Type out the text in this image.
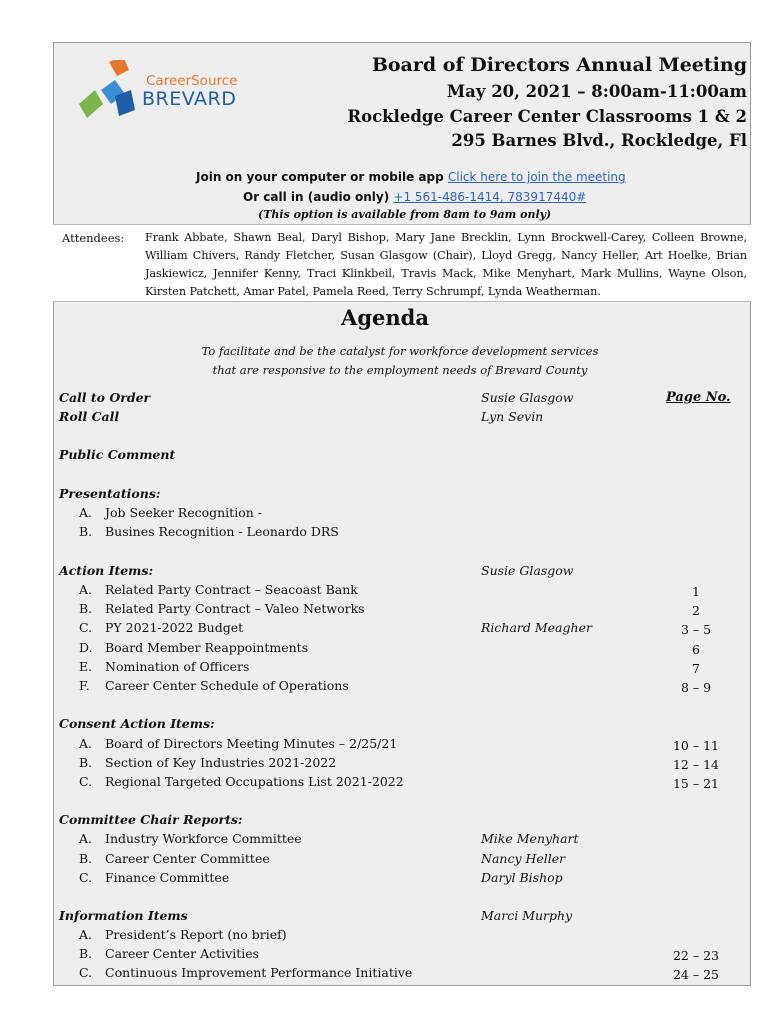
CareerSource
BREVARD
Board of Directors Annual Meeting
May 20, 2021 – 8:00am-11:00am
Rockledge Career Center Classrooms 1 & 2
295 Barnes Blvd., Rockledge, Fl
Join on your computer or mobile app Click here to join the meeting
Or call in (audio only) +1 561-486-1414, 783917440#
(This option is available from 8am to 9am only)
Attendees: Frank Abbate, Shawn Beal, Daryl Bishop, Mary Jane Brecklin, Lynn Brockwell-Carey, Colleen Browne, William Chivers, Randy Fletcher, Susan Glasgow (Chair), Lloyd Gregg, Nancy Heller, Art Hoelke, Brian Jaskiewicz, Jennifer Kenny, Traci Klinkbeil, Travis Mack, Mike Menyhart, Mark Mullins, Wayne Olson, Kirsten Patchett, Amar Patel, Pamela Reed, Terry Schrumpf, Lynda Weatherman.
Agenda
To facilitate and be the catalyst for workforce development services
that are responsive to the employment needs of Brevard County
Call to Order	Susie Glasgow	Page No.
Roll Call	Lyn Sevin
Public Comment
Presentations:
A. Job Seeker Recognition -
B. Busines Recognition - Leonardo DRS
Action Items:	Susie Glasgow
A. Related Party Contract – Seacoast Bank	1
B. Related Party Contract – Valeo Networks	2
C. PY 2021-2022 Budget	Richard Meagher	3 – 5
D. Board Member Reappointments	6
E. Nomination of Officers	7
F. Career Center Schedule of Operations	8 – 9
Consent Action Items:
A. Board of Directors Meeting Minutes – 2/25/21	10 – 11
B. Section of Key Industries 2021-2022	12 – 14
C. Regional Targeted Occupations List 2021-2022	15 – 21
Committee Chair Reports:
A. Industry Workforce Committee	Mike Menyhart
B. Career Center Committee	Nancy Heller
C. Finance Committee	Daryl Bishop
Information Items	Marci Murphy
A. President’s Report (no brief)
B. Career Center Activities	22 – 23
C. Continuous Improvement Performance Initiative	24 – 25
